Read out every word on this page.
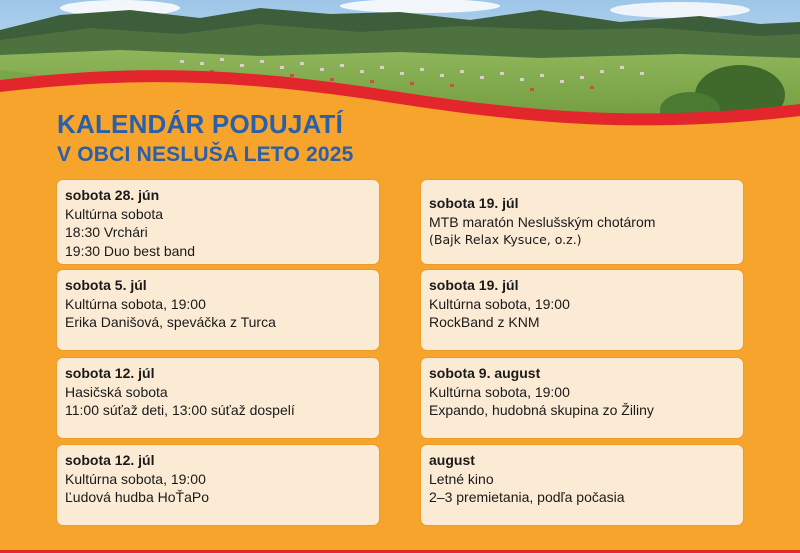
KALENDÁR PODUJATÍ
V OBCI NESLUŠA LETO 2025
sobota 28. jún
Kultúrna sobota
18:30 Vrchári
19:30 Duo best band
sobota 5. júl
Kultúrna sobota, 19:00
Erika Danišová, speváčka z Turca
sobota 12. júl
Hasičská sobota
11:00 súťaž deti, 13:00 súťaž dospelí
sobota 12. júl
Kultúrna sobota, 19:00
Ľudová hudba HoŤaPo
sobota 19. júl
MTB maratón Neslušským chotárom
(Bajk Relax Kysuce, o.z.)
sobota 19. júl
Kultúrna sobota, 19:00
RockBand z KNM
sobota 9. august
Kultúrna sobota, 19:00
Expando, hudobná skupina zo Žiliny
august
Letné kino
2–3 premietania, podľa počasia
